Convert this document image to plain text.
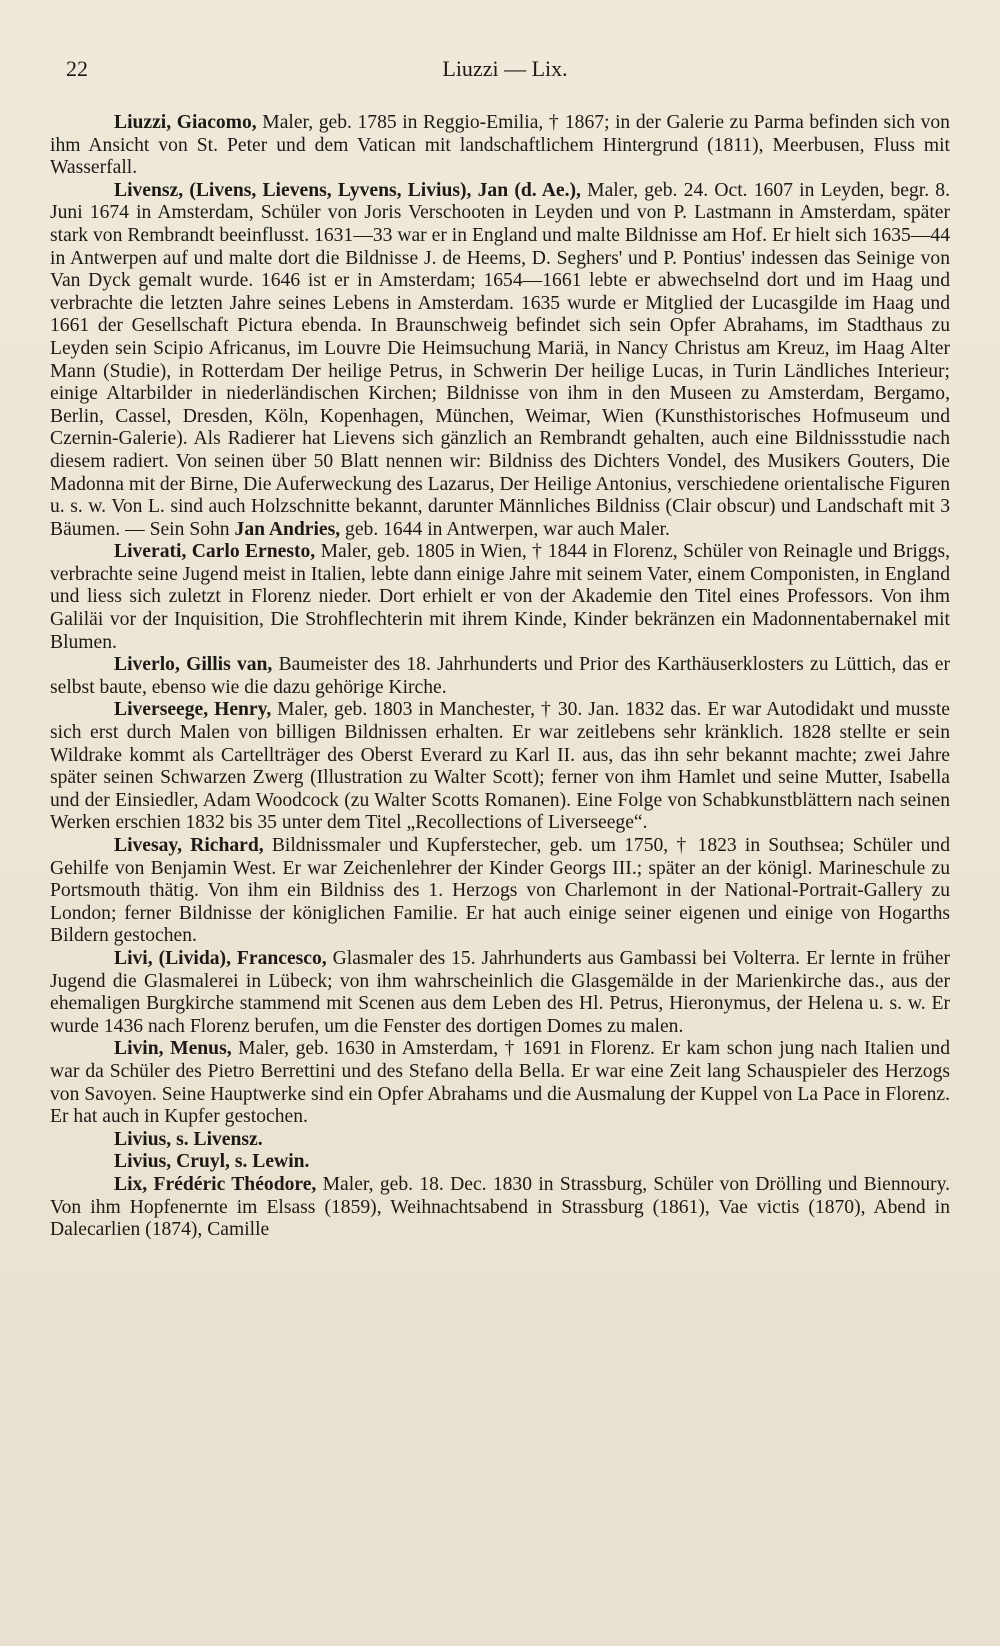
22	Liuzzi — Lix.

Liuzzi, Giacomo, Maler, geb. 1785 in Reggio-Emilia, † 1867; in der Galerie zu Parma befinden sich von ihm Ansicht von St. Peter und dem Vatican mit landschaftlichem Hintergrund (1811), Meerbusen, Fluss mit Wasserfall.

Livensz, (Livens, Lievens, Lyvens, Livius), Jan (d. Ae.), Maler, geb. 24. Oct. 1607 in Leyden, begr. 8. Juni 1674 in Amsterdam, Schüler von Joris Verschooten in Leyden und von P. Lastmann in Amsterdam, später stark von Rembrandt beeinflusst. 1631—33 war er in England und malte Bildnisse am Hof. Er hielt sich 1635—44 in Antwerpen auf und malte dort die Bildnisse J. de Heems, D. Seghers' und P. Pontius' indessen das Seinige von Van Dyck gemalt wurde. 1646 ist er in Amsterdam; 1654—1661 lebte er abwechselnd dort und im Haag und verbrachte die letzten Jahre seines Lebens in Amsterdam. 1635 wurde er Mitglied der Lucasgilde im Haag und 1661 der Gesellschaft Pictura ebenda. In Braunschweig befindet sich sein Opfer Abrahams, im Stadthaus zu Leyden sein Scipio Africanus, im Louvre Die Heimsuchung Mariä, in Nancy Christus am Kreuz, im Haag Alter Mann (Studie), in Rotterdam Der heilige Petrus, in Schwerin Der heilige Lucas, in Turin Ländliches Interieur; einige Altarbilder in niederländischen Kirchen; Bildnisse von ihm in den Museen zu Amsterdam, Bergamo, Berlin, Cassel, Dresden, Köln, Kopenhagen, München, Weimar, Wien (Kunsthistorisches Hofmuseum und Czernin-Galerie). Als Radierer hat Lievens sich gänzlich an Rembrandt gehalten, auch eine Bildnissstudie nach diesem radiert. Von seinen über 50 Blatt nennen wir: Bildniss des Dichters Vondel, des Musikers Gouters, Die Madonna mit der Birne, Die Auferweckung des Lazarus, Der Heilige Antonius, verschiedene orientalische Figuren u. s. w. Von L. sind auch Holzschnitte bekannt, darunter Männliches Bildniss (Clair obscur) und Landschaft mit 3 Bäumen. — Sein Sohn Jan Andries, geb. 1644 in Antwerpen, war auch Maler.

Liverati, Carlo Ernesto, Maler, geb. 1805 in Wien, † 1844 in Florenz, Schüler von Reinagle und Briggs, verbrachte seine Jugend meist in Italien, lebte dann einige Jahre mit seinem Vater, einem Componisten, in England und liess sich zuletzt in Florenz nieder. Dort erhielt er von der Akademie den Titel eines Professors. Von ihm Galiläi vor der Inquisition, Die Strohflechterin mit ihrem Kinde, Kinder bekränzen ein Madonnentabernakel mit Blumen.

Liverlo, Gillis van, Baumeister des 18. Jahrhunderts und Prior des Karthäuserklosters zu Lüttich, das er selbst baute, ebenso wie die dazu gehörige Kirche.

Liverseege, Henry, Maler, geb. 1803 in Manchester, † 30. Jan. 1832 das. Er war Autodidakt und musste sich erst durch Malen von billigen Bildnissen erhalten. Er war zeitlebens sehr kränklich. 1828 stellte er sein Wildrake kommt als Cartellträger des Oberst Everard zu Karl II. aus, das ihn sehr bekannt machte; zwei Jahre später seinen Schwarzen Zwerg (Illustration zu Walter Scott); ferner von ihm Hamlet und seine Mutter, Isabella und der Einsiedler, Adam Woodcock (zu Walter Scotts Romanen). Eine Folge von Schabkunstblättern nach seinen Werken erschien 1832 bis 35 unter dem Titel „Recollections of Liverseege“.

Livesay, Richard, Bildnissmaler und Kupferstecher, geb. um 1750, † 1823 in Southsea; Schüler und Gehilfe von Benjamin West. Er war Zeichenlehrer der Kinder Georgs III.; später an der königl. Marineschule zu Portsmouth thätig. Von ihm ein Bildniss des 1. Herzogs von Charlemont in der National-Portrait-Gallery zu London; ferner Bildnisse der königlichen Familie. Er hat auch einige seiner eigenen und einige von Hogarths Bildern gestochen.

Livi, (Livida), Francesco, Glasmaler des 15. Jahrhunderts aus Gambassi bei Volterra. Er lernte in früher Jugend die Glasmalerei in Lübeck; von ihm wahrscheinlich die Glasgemälde in der Marienkirche das., aus der ehemaligen Burgkirche stammend mit Scenen aus dem Leben des Hl. Petrus, Hieronymus, der Helena u. s. w. Er wurde 1436 nach Florenz berufen, um die Fenster des dortigen Domes zu malen.

Livin, Menus, Maler, geb. 1630 in Amsterdam, † 1691 in Florenz. Er kam schon jung nach Italien und war da Schüler des Pietro Berrettini und des Stefano della Bella. Er war eine Zeit lang Schauspieler des Herzogs von Savoyen. Seine Hauptwerke sind ein Opfer Abrahams und die Ausmalung der Kuppel von La Pace in Florenz. Er hat auch in Kupfer gestochen.

Livius, s. Livensz.

Livius, Cruyl, s. Lewin.

Lix, Frédéric Théodore, Maler, geb. 18. Dec. 1830 in Strassburg, Schüler von Drölling und Biennoury. Von ihm Hopfenernte im Elsass (1859), Weihnachtsabend in Strassburg (1861), Vae victis (1870), Abend in Dalecarlien (1874), Camille
